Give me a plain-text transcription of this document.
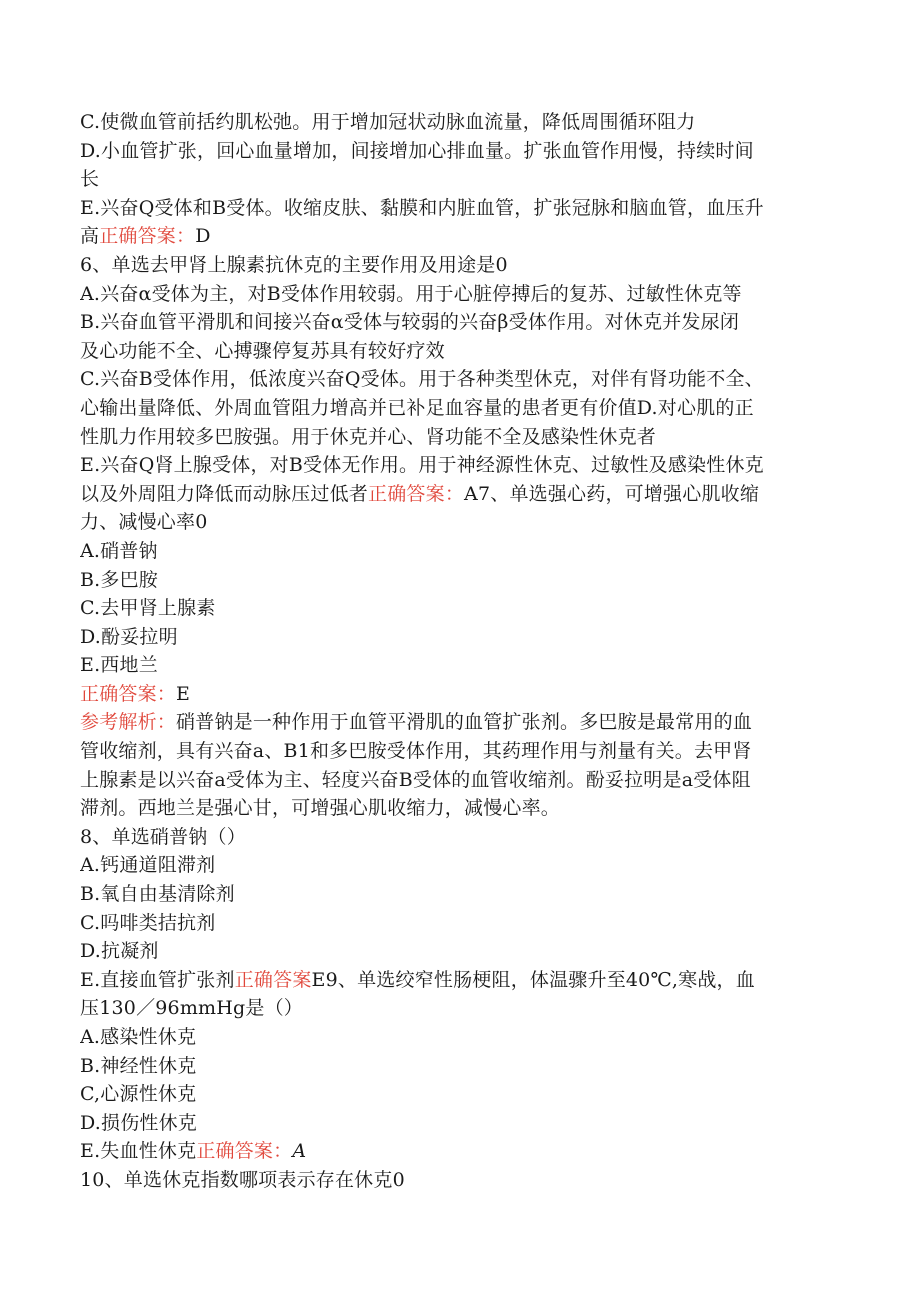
C.使微血管前括约肌松弛。用于增加冠状动脉血流量，降低周围循环阻力
D.小血管扩张，回心血量增加，间接增加心排血量。扩张血管作用慢，持续时间
长
E.兴奋Q受体和B受体。收缩皮肤、黏膜和内脏血管，扩张冠脉和脑血管，血压升
高正确答案：D
6、单选去甲肾上腺素抗休克的主要作用及用途是0
A.兴奋α受体为主，对B受体作用较弱。用于心脏停搏后的复苏、过敏性休克等
B.兴奋血管平滑肌和间接兴奋α受体与较弱的兴奋β受体作用。对休克并发尿闭
及心功能不全、心搏骤停复苏具有较好疗效
C.兴奋B受体作用，低浓度兴奋Q受体。用于各种类型休克，对伴有肾功能不全、
心输出量降低、外周血管阻力增高并已补足血容量的患者更有价值D.对心肌的正
性肌力作用较多巴胺强。用于休克并心、肾功能不全及感染性休克者
E.兴奋Q肾上腺受体，对B受体无作用。用于神经源性休克、过敏性及感染性休克
以及外周阻力降低而动脉压过低者正确答案：A7、单选强心药，可增强心肌收缩
力、减慢心率0
A.硝普钠
B.多巴胺
C.去甲肾上腺素
D.酚妥拉明
E.西地兰
正确答案：E
参考解析：硝普钠是一种作用于血管平滑肌的血管扩张剂。多巴胺是最常用的血
管收缩剂，具有兴奋a、B1和多巴胺受体作用，其药理作用与剂量有关。去甲肾
上腺素是以兴奋a受体为主、轻度兴奋B受体的血管收缩剂。酚妥拉明是a受体阻
滞剂。西地兰是强心甘，可增强心肌收缩力，减慢心率。
8、单选硝普钠（）
A.钙通道阻滞剂
B.氧自由基清除剂
C.吗啡类拮抗剂
D.抗凝剂
E.直接血管扩张剂正确答案E9、单选绞窄性肠梗阻，体温骤升至40℃,寒战，血
压130／96mmHg是（）
A.感染性休克
B.神经性休克
C,心源性休克
D.损伤性休克
E.失血性休克正确答案：A
10、单选休克指数哪项表示存在休克0
